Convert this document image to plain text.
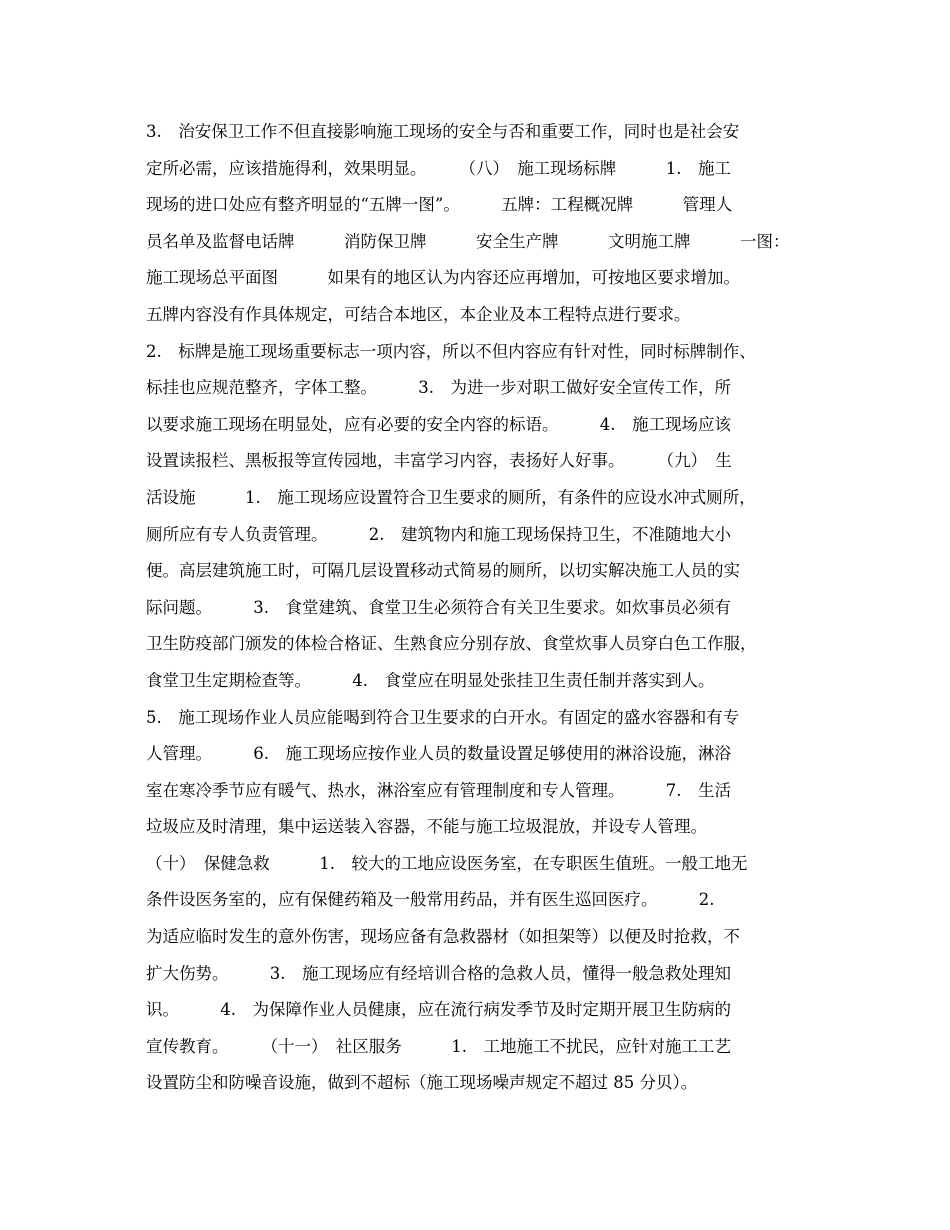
3.　治安保卫工作不但直接影响施工现场的安全与否和重要工作，同时也是社会安
定所必需，应该措施得利，效果明显。　　　（八）　施工现场标牌　　　1.　施工
现场的进口处应有整齐明显的“五牌一图”。　　　五牌：工程概况牌　　　管理人
员名单及监督电话牌　　　消防保卫牌　　　安全生产牌　　　文明施工牌　　　一图：
施工现场总平面图　　　如果有的地区认为内容还应再增加，可按地区要求增加。
五牌内容没有作具体规定，可结合本地区，本企业及本工程特点进行要求。
2.　标牌是施工现场重要标志一项内容，所以不但内容应有针对性，同时标牌制作、
标挂也应规范整齐，字体工整。　　　3.　为进一步对职工做好安全宣传工作，所
以要求施工现场在明显处，应有必要的安全内容的标语。　　　4.　施工现场应该
设置读报栏、黑板报等宣传园地，丰富学习内容，表扬好人好事。　　　（九）　生
活设施　　　1.　施工现场应设置符合卫生要求的厕所，有条件的应设水冲式厕所，
厕所应有专人负责管理。　　　2.　建筑物内和施工现场保持卫生，不准随地大小
便。高层建筑施工时，可隔几层设置移动式简易的厕所，以切实解决施工人员的实
际问题。　　　3.　食堂建筑、食堂卫生必须符合有关卫生要求。如炊事员必须有
卫生防疫部门颁发的体检合格证、生熟食应分别存放、食堂炊事人员穿白色工作服，
食堂卫生定期检查等。　　　4.　食堂应在明显处张挂卫生责任制并落实到人。
5.　施工现场作业人员应能喝到符合卫生要求的白开水。有固定的盛水容器和有专
人管理。　　　6.　施工现场应按作业人员的数量设置足够使用的淋浴设施，淋浴
室在寒冷季节应有暖气、热水，淋浴室应有管理制度和专人管理。　　　7.　生活
垃圾应及时清理，集中运送装入容器，不能与施工垃圾混放，并设专人管理。
（十）　保健急救　　　1.　较大的工地应设医务室，在专职医生值班。一般工地无
条件设医务室的，应有保健药箱及一般常用药品，并有医生巡回医疗。　　　2.
为适应临时发生的意外伤害，现场应备有急救器材（如担架等）以便及时抢救，不
扩大伤势。　　　3.　施工现场应有经培训合格的急救人员，懂得一般急救处理知
识。　　　4.　为保障作业人员健康，应在流行病发季节及时定期开展卫生防病的
宣传教育。　　　（十一）　社区服务　　　1.　工地施工不扰民，应针对施工工艺
设置防尘和防噪音设施，做到不超标（施工现场噪声规定不超过 85 分贝）。
